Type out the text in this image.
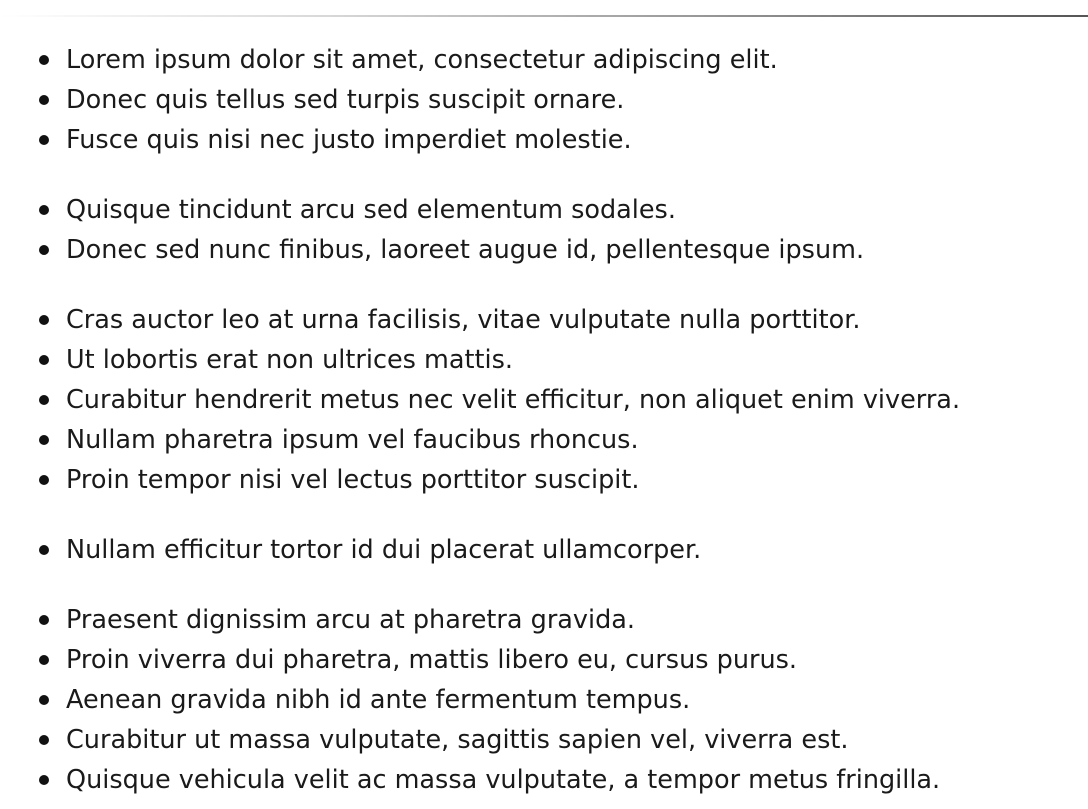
Lorem ipsum dolor sit amet, consectetur adipiscing elit.
Donec quis tellus sed turpis suscipit ornare.
Fusce quis nisi nec justo imperdiet molestie.
Quisque tincidunt arcu sed elementum sodales.
Donec sed nunc finibus, laoreet augue id, pellentesque ipsum.
Cras auctor leo at urna facilisis, vitae vulputate nulla porttitor.
Ut lobortis erat non ultrices mattis.
Curabitur hendrerit metus nec velit efficitur, non aliquet enim viverra.
Nullam pharetra ipsum vel faucibus rhoncus.
Proin tempor nisi vel lectus porttitor suscipit.
Nullam efficitur tortor id dui placerat ullamcorper.
Praesent dignissim arcu at pharetra gravida.
Proin viverra dui pharetra, mattis libero eu, cursus purus.
Aenean gravida nibh id ante fermentum tempus.
Curabitur ut massa vulputate, sagittis sapien vel, viverra est.
Quisque vehicula velit ac massa vulputate, a tempor metus fringilla.
